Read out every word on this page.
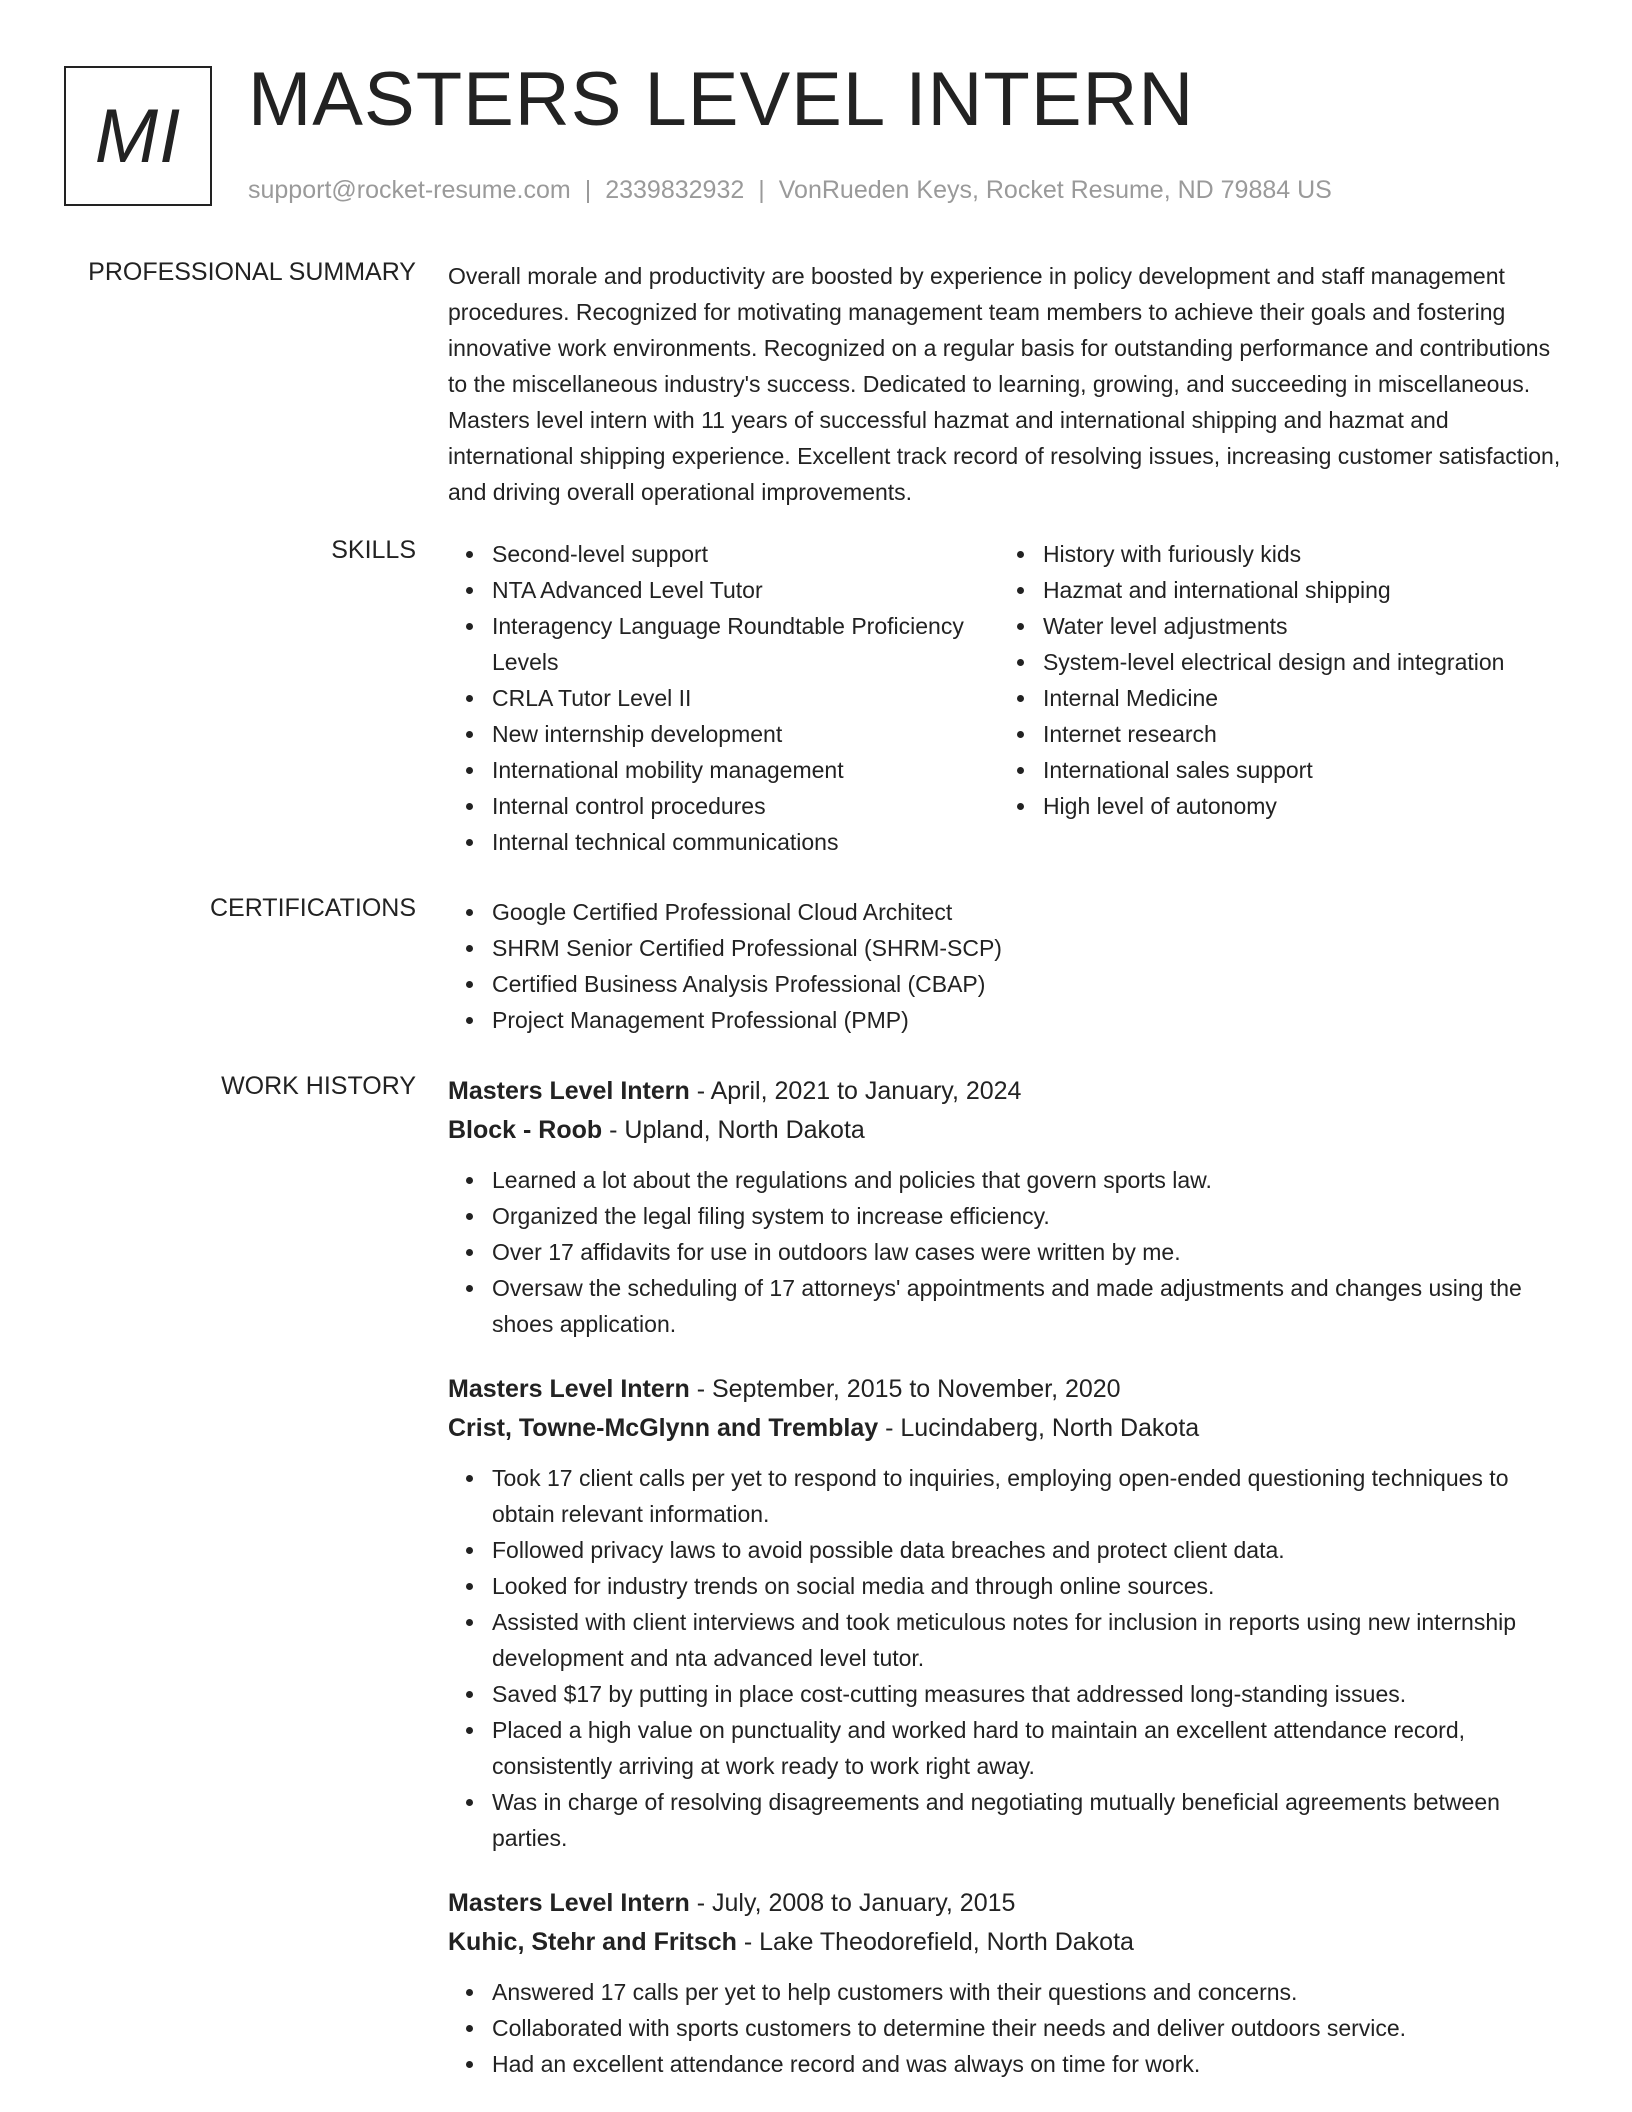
MI MASTERS LEVEL INTERN
support@rocket-resume.com | 2339832932 | VonRueden Keys, Rocket Resume, ND 79884 US
PROFESSIONAL SUMMARY Overall morale and productivity are boosted by experience in policy development and staff management procedures. Recognized for motivating management team members to achieve their goals and fostering innovative work environments. Recognized on a regular basis for outstanding performance and contributions to the miscellaneous industry's success. Dedicated to learning, growing, and succeeding in miscellaneous. Masters level intern with 11 years of successful hazmat and international shipping and hazmat and international shipping experience. Excellent track record of resolving issues, increasing customer satisfaction, and driving overall operational improvements.
SKILLS	Second-level support
NTA Advanced Level Tutor
Interagency Language Roundtable Proficiency Levels
CRLA Tutor Level II
New internship development
International mobility management
Internal control procedures
Internal technical communications
History with furiously kids
Hazmat and international shipping
Water level adjustments
System-level electrical design and integration
Internal Medicine
Internet research
International sales support
High level of autonomy
CERTIFICATIONS	Google Certified Professional Cloud Architect
SHRM Senior Certified Professional (SHRM-SCP)
Certified Business Analysis Professional (CBAP)
Project Management Professional (PMP)
WORK HISTORY Masters Level Intern - April, 2021 to January, 2024
Block - Roob - Upland, North Dakota
Learned a lot about the regulations and policies that govern sports law.
Organized the legal filing system to increase efficiency.
Over 17 affidavits for use in outdoors law cases were written by me.
Oversaw the scheduling of 17 attorneys' appointments and made adjustments and changes using the shoes application.
Masters Level Intern - September, 2015 to November, 2020
Crist, Towne-McGlynn and Tremblay - Lucindaberg, North Dakota
Took 17 client calls per yet to respond to inquiries, employing open-ended questioning techniques to obtain relevant information.
Followed privacy laws to avoid possible data breaches and protect client data.
Looked for industry trends on social media and through online sources.
Assisted with client interviews and took meticulous notes for inclusion in reports using new internship development and nta advanced level tutor.
Saved $17 by putting in place cost-cutting measures that addressed long-standing issues.
Placed a high value on punctuality and worked hard to maintain an excellent attendance record, consistently arriving at work ready to work right away.
Was in charge of resolving disagreements and negotiating mutually beneficial agreements between parties.
Masters Level Intern - July, 2008 to January, 2015
Kuhic, Stehr and Fritsch - Lake Theodorefield, North Dakota
Answered 17 calls per yet to help customers with their questions and concerns.
Collaborated with sports customers to determine their needs and deliver outdoors service.
Had an excellent attendance record and was always on time for work.
